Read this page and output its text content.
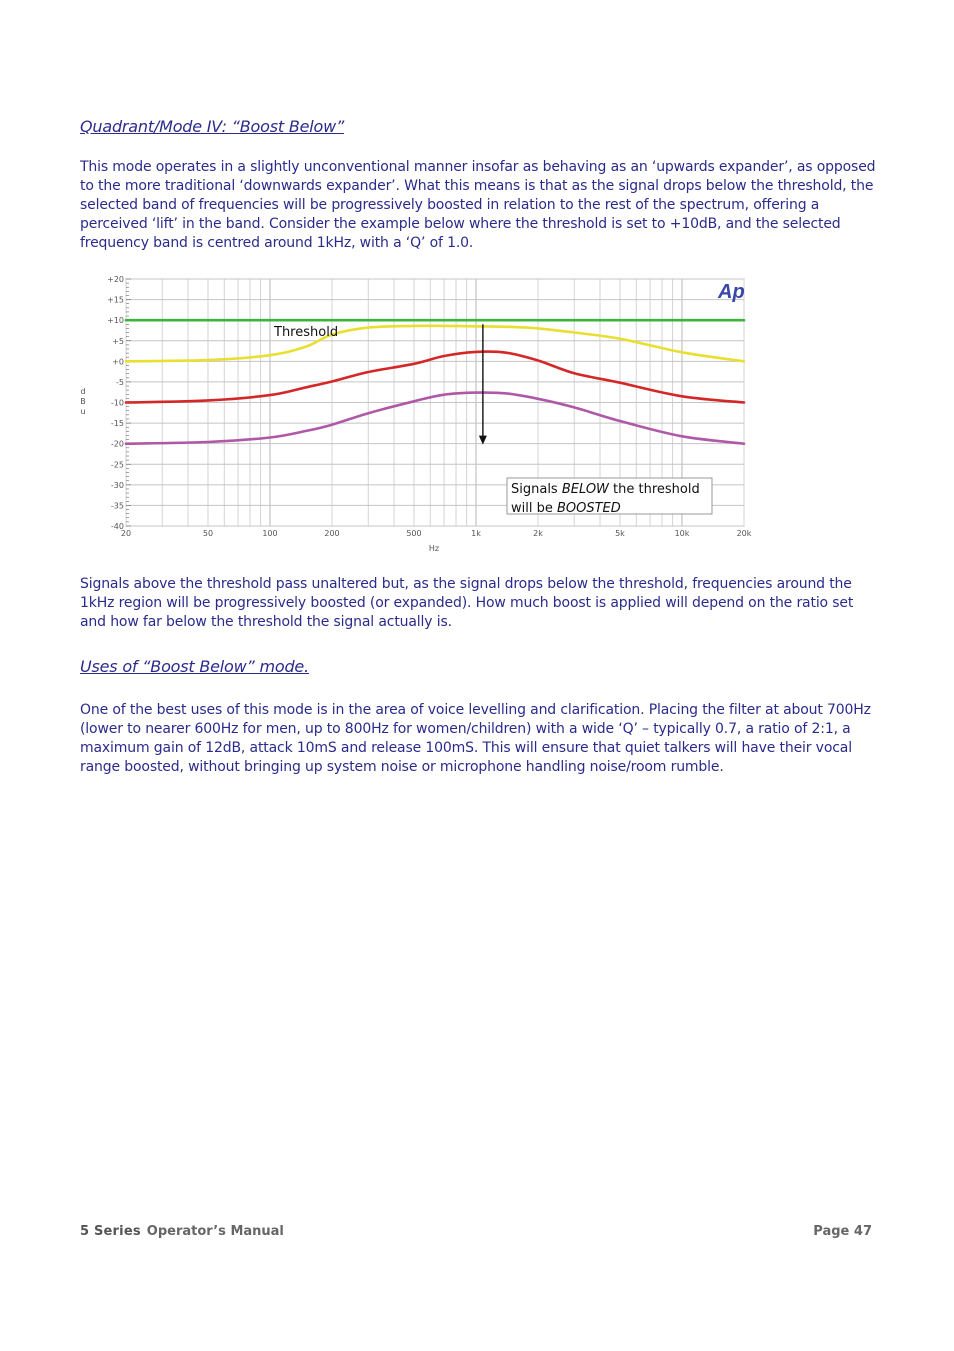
Quadrant/Mode IV: “Boost Below”

This mode operates in a slightly unconventional manner insofar as behaving as an ‘upwards expander’, as opposed to the more traditional ‘downwards expander’. What this means is that as the signal drops below the threshold, the selected band of frequencies will be progressively boosted in relation to the rest of the spectrum, offering a perceived ‘lift’ in the band. Consider the example below where the threshold is set to +10dB, and the selected frequency band is centred around 1kHz, with a ‘Q’ of 1.0.

+20
+15
+10
+5
+0
-5
-10
-15
-20
-25
-30
-35
-40
20	50	100	200	500	1k	2k	5k	10k	20k
Ap
Threshold
Signals BELOW the threshold
will be BOOSTED
Hz
d B u

Signals above the threshold pass unaltered but, as the signal drops below the threshold, frequencies around the 1kHz region will be progressively boosted (or expanded). How much boost is applied will depend on the ratio set and how far below the threshold the signal actually is.

Uses of “Boost Below” mode.

One of the best uses of this mode is in the area of voice levelling and clarification. Placing the filter at about 700Hz (lower to nearer 600Hz for men, up to 800Hz for women/children) with a wide ‘Q’ – typically 0.7, a ratio of 2:1, a maximum gain of 12dB, attack 10mS and release 100mS. This will ensure that quiet talkers will have their vocal range boosted, without bringing up system noise or microphone handling noise/room rumble.

5 Series Operator’s Manual	Page 47
